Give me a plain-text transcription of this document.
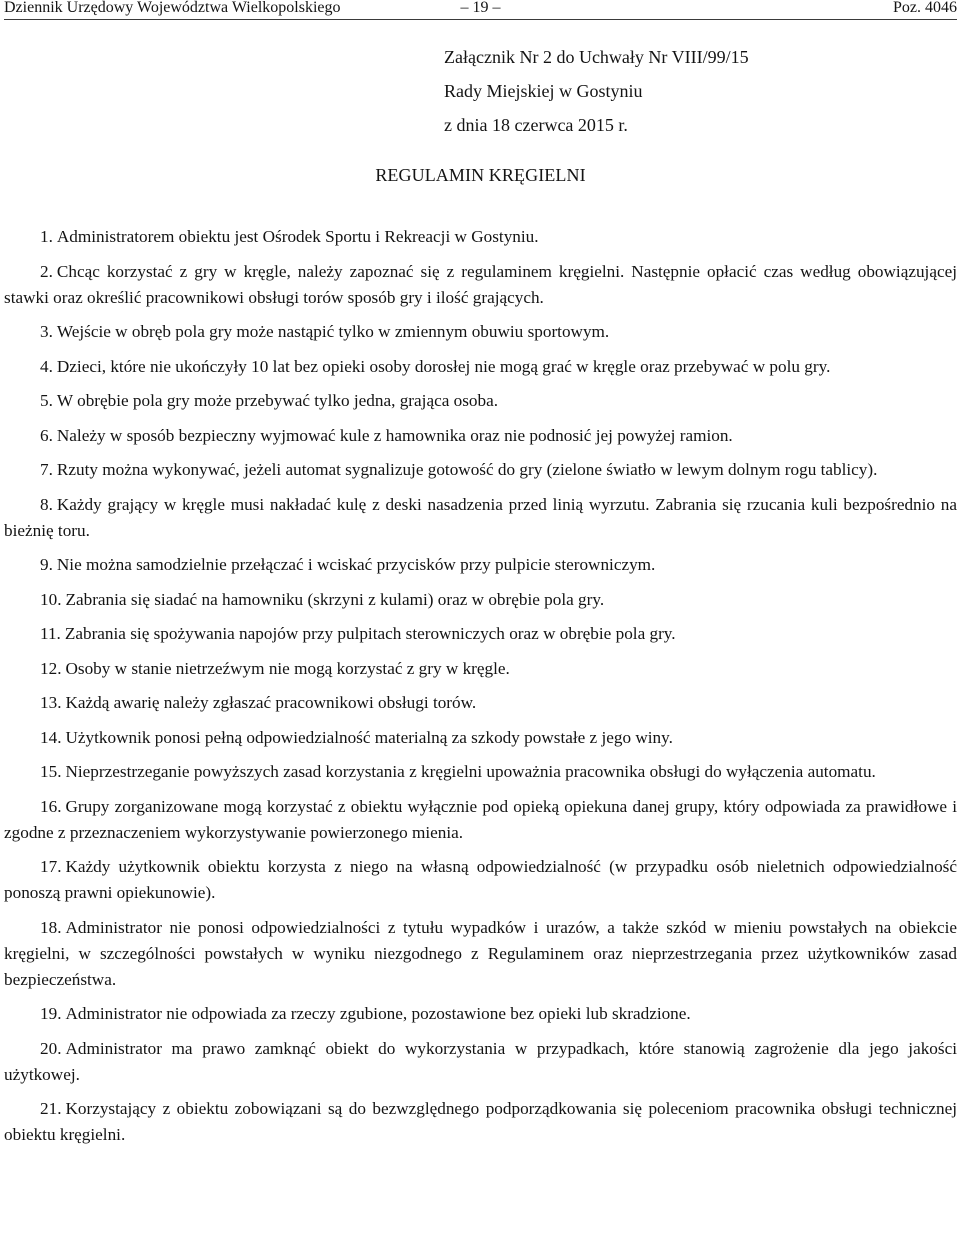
Dziennik Urzędowy Województwa Wielkopolskiego	– 19 –	Poz. 4046
Załącznik Nr 2 do Uchwały Nr VIII/99/15
Rady Miejskiej w Gostyniu
z dnia 18 czerwca 2015 r.
REGULAMIN KRĘGIELNI

1. Administratorem obiektu jest Ośrodek Sportu i Rekreacji w Gostyniu.

2. Chcąc korzystać z gry w kręgle, należy zapoznać się z regulaminem kręgielni. Następnie opłacić czas według obowiązującej stawki oraz określić pracownikowi obsługi torów sposób gry i ilość grających.

3. Wejście w obręb pola gry może nastąpić tylko w zmiennym obuwiu sportowym.

4. Dzieci, które nie ukończyły 10 lat bez opieki osoby dorosłej nie mogą grać w kręgle oraz przebywać w polu gry.

5. W obrębie pola gry może przebywać tylko jedna, grająca osoba.

6. Należy w sposób bezpieczny wyjmować kule z hamownika oraz nie podnosić jej powyżej ramion.

7. Rzuty można wykonywać, jeżeli automat sygnalizuje gotowość do gry (zielone światło w lewym dolnym rogu tablicy).

8. Każdy grający w kręgle musi nakładać kulę z deski nasadzenia przed linią wyrzutu. Zabrania się rzucania kuli bezpośrednio na bieżnię toru.

9. Nie można samodzielnie przełączać i wciskać przycisków przy pulpicie sterowniczym.

10. Zabrania się siadać na hamowniku (skrzyni z kulami) oraz w obrębie pola gry.

11. Zabrania się spożywania napojów przy pulpitach sterowniczych oraz w obrębie pola gry.

12. Osoby w stanie nietrzeźwym nie mogą korzystać z gry w kręgle.

13. Każdą awarię należy zgłaszać pracownikowi obsługi torów.

14. Użytkownik ponosi pełną odpowiedzialność materialną za szkody powstałe z jego winy.

15. Nieprzestrzeganie powyższych zasad korzystania z kręgielni upoważnia pracownika obsługi do wyłączenia automatu.

16. Grupy zorganizowane mogą korzystać z obiektu wyłącznie pod opieką opiekuna danej grupy, który odpowiada za prawidłowe i zgodne z przeznaczeniem wykorzystywanie powierzonego mienia.

17. Każdy użytkownik obiektu korzysta z niego na własną odpowiedzialność (w przypadku osób nieletnich odpowiedzialność ponoszą prawni opiekunowie).

18. Administrator nie ponosi odpowiedzialności z tytułu wypadków i urazów, a także szkód w mieniu powstałych na obiekcie kręgielni, w szczególności powstałych w wyniku niezgodnego z Regulaminem oraz nieprzestrzegania przez użytkowników zasad bezpieczeństwa.

19. Administrator nie odpowiada za rzeczy zgubione, pozostawione bez opieki lub skradzione.

20. Administrator ma prawo zamknąć obiekt do wykorzystania w przypadkach, które stanowią zagrożenie dla jego jakości użytkowej.

21. Korzystający z obiektu zobowiązani są do bezwzględnego podporządkowania się poleceniom pracownika obsługi technicznej obiektu kręgielni.
